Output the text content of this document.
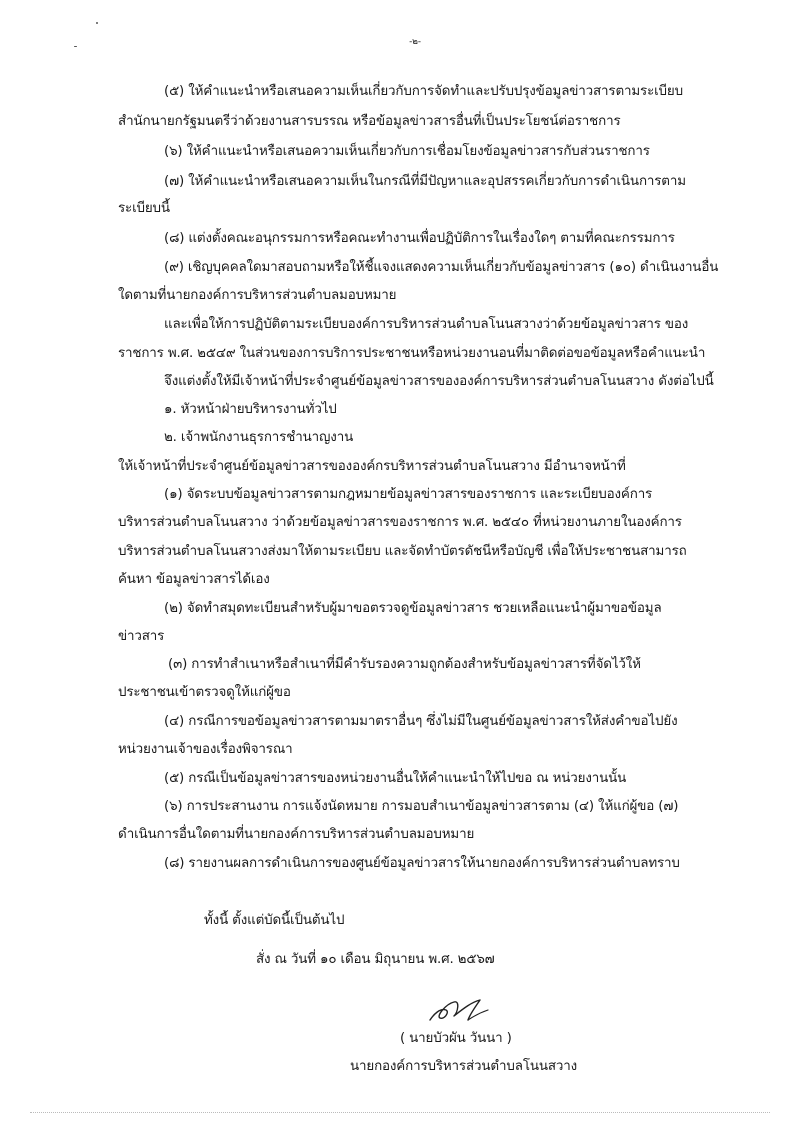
-๒-

(๕) ให้คำแนะนำหรือเสนอความเห็นเกี่ยวกับการจัดทำและปรับปรุงข้อมูลข่าวสารตามระเบียบ

สำนักนายกรัฐมนตรีว่าด้วยงานสารบรรณ หรือข้อมูลข่าวสารอื่นที่เป็นประโยชน์ต่อราชการ

(๖) ให้คำแนะนำหรือเสนอความเห็นเกี่ยวกับการเชื่อมโยงข้อมูลข่าวสารกับส่วนราชการ

(๗) ให้คำแนะนำหรือเสนอความเห็นในกรณีที่มีปัญหาและอุปสรรคเกี่ยวกับการดำเนินการตาม

ระเบียบนี้

(๘) แต่งตั้งคณะอนุกรรมการหรือคณะทำงานเพื่อปฏิบัติการในเรื่องใดๆ ตามที่คณะกรรมการ

(๙) เชิญบุคคลใดมาสอบถามหรือให้ชี้แจงแสดงความเห็นเกี่ยวกับข้อมูลข่าวสาร (๑๐) ดำเนินงานอื่น

ใดตามที่นายกองค์การบริหารส่วนตำบลมอบหมาย

และเพื่อให้การปฏิบัติตามระเบียบองค์การบริหารส่วนตำบลโนนสวางว่าด้วยข้อมูลข่าวสาร ของ

ราชการ พ.ศ. ๒๕๔๙ ในส่วนของการบริการประชาชนหรือหน่วยงานอนที่มาติดต่อขอข้อมูลหรือคำแนะนำ

จึงแต่งตั้งให้มีเจ้าหน้าที่ประจำศูนย์ข้อมูลข่าวสารขององค์การบริหารส่วนตำบลโนนสวาง ดังต่อไปนี้

๑. หัวหน้าฝ่ายบริหารงานทั่วไป

๒. เจ้าพนักงานธุรการชำนาญงาน

ให้เจ้าหน้าที่ประจำศูนย์ข้อมูลข่าวสารขององค์กรบริหารส่วนตำบลโนนสวาง มีอำนาจหน้าที่

(๑) จัดระบบข้อมูลข่าวสารตามกฎหมายข้อมูลข่าวสารของราชการ และระเบียบองค์การ

บริหารส่วนตำบลโนนสวาง ว่าด้วยข้อมูลข่าวสารของราชการ พ.ศ. ๒๕๔๐ ที่หน่วยงานภายในองค์การ

บริหารส่วนตำบลโนนสวางส่งมาให้ตามระเบียบ และจัดทำบัตรดัชนีหรือบัญชี เพื่อให้ประชาชนสามารถ

ค้นหา ข้อมูลข่าวสารได้เอง

(๒) จัดทำสมุดทะเบียนสำหรับผู้มาขอตรวจดูข้อมูลข่าวสาร ชวยเหลือแนะนำผู้มาขอข้อมูล

ข่าวสาร

(๓) การทำสำเนาหรือสำเนาที่มีคำรับรองความถูกต้องสำหรับข้อมูลข่าวสารที่จัดไว้ให้

ประชาชนเข้าตรวจดูให้แก่ผู้ขอ

(๔) กรณีการขอข้อมูลข่าวสารตามมาตราอื่นๆ ซึ่งไม่มีในศูนย์ข้อมูลข่าวสารให้ส่งคำขอไปยัง

หน่วยงานเจ้าของเรื่องพิจารณา

(๕) กรณีเป็นข้อมูลข่าวสารของหน่วยงานอื่นให้คำแนะนำให้ไปขอ ณ หน่วยงานนั้น

(๖) การประสานงาน การแจ้งนัดหมาย การมอบสำเนาข้อมูลข่าวสารตาม (๔) ให้แก่ผู้ขอ (๗)

ดำเนินการอื่นใดตามที่นายกองค์การบริหารส่วนตำบลมอบหมาย

(๘) รายงานผลการดำเนินการของศูนย์ข้อมูลข่าวสารให้นายกองค์การบริหารส่วนตำบลทราบ

ทั้งนี้ ตั้งแต่บัดนี้เป็นต้นไป

สั่ง ณ วันที่ ๑๐ เดือน มิถุนายน พ.ศ. ๒๕๖๗

( นายบัวผัน วันนา )

นายกองค์การบริหารส่วนตำบลโนนสวาง
